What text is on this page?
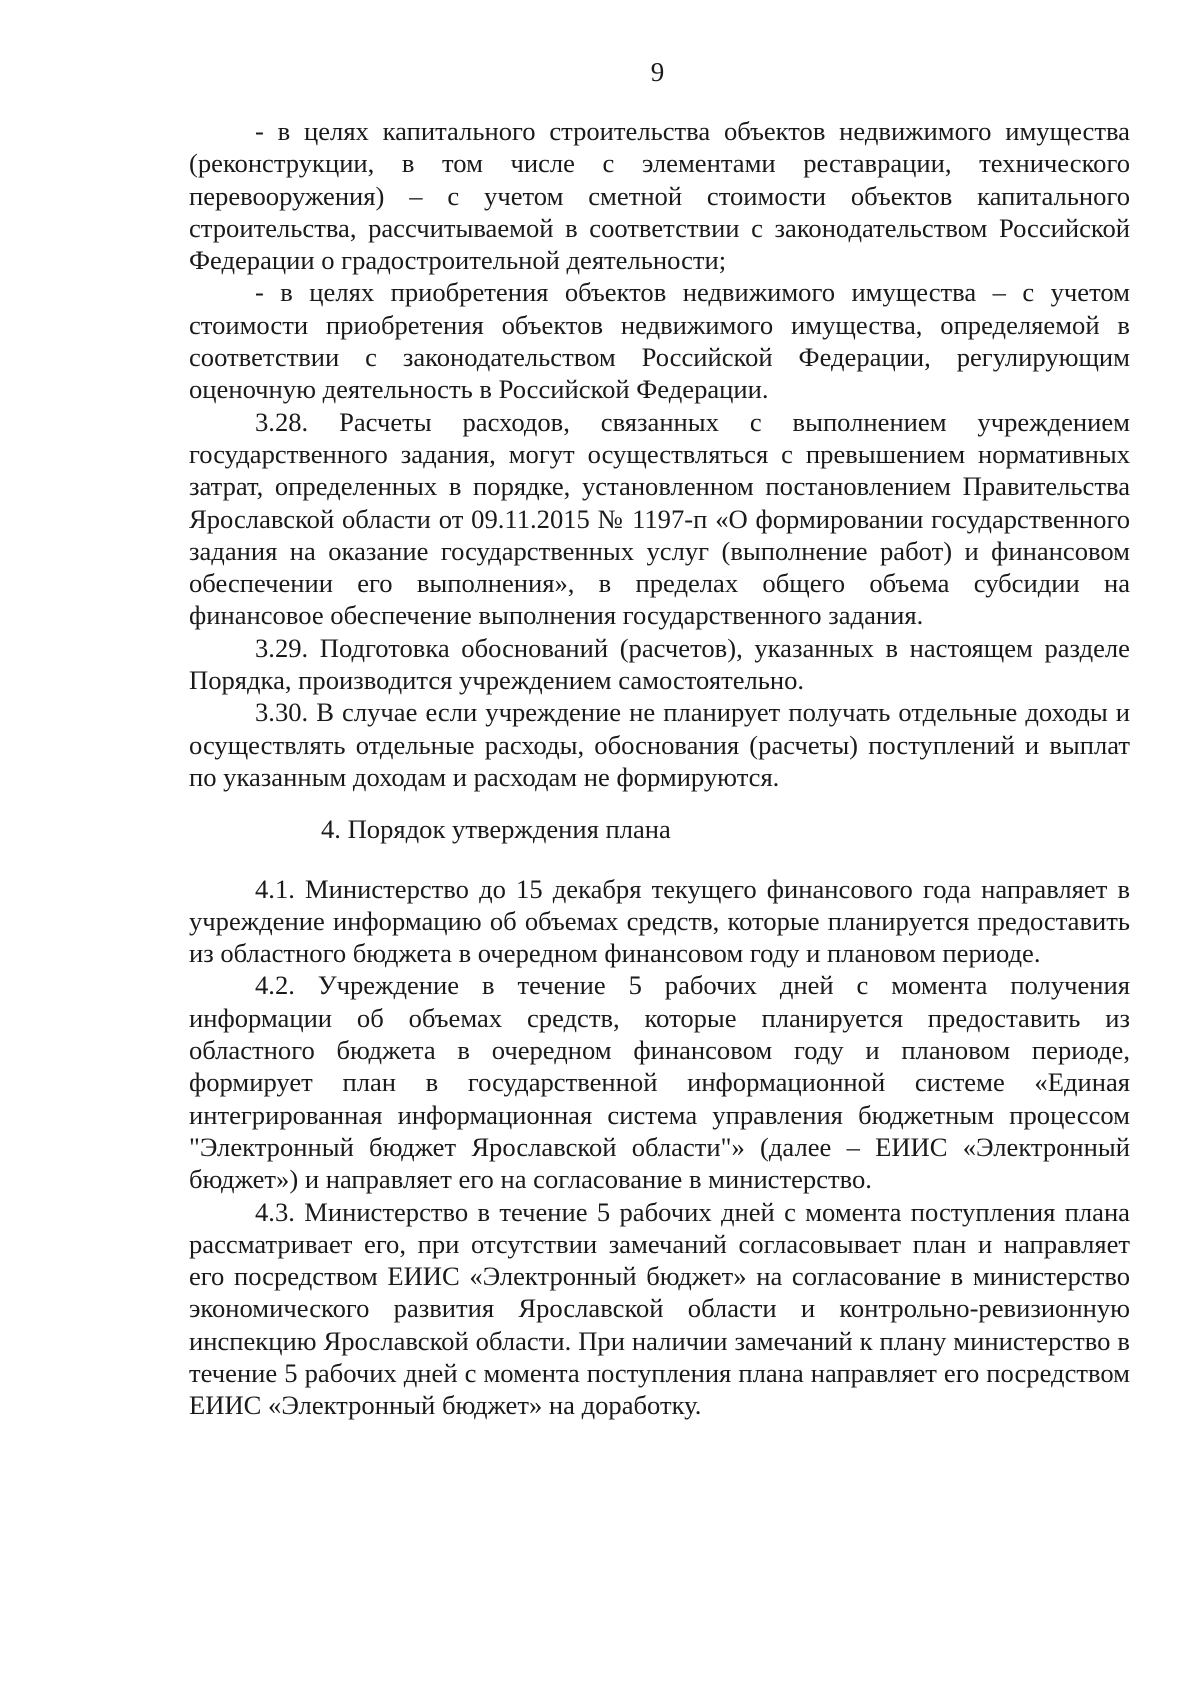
9

- в целях капитального строительства объектов недвижимого имущества (реконструкции, в том числе с элементами реставрации, технического перевооружения) – с учетом сметной стоимости объектов капитального строительства, рассчитываемой в соответствии с законодательством Российской Федерации о градостроительной деятельности;

- в целях приобретения объектов недвижимого имущества – с учетом стоимости приобретения объектов недвижимого имущества, определяемой в соответствии с законодательством Российской Федерации, регулирующим оценочную деятельность в Российской Федерации.

3.28. Расчеты расходов, связанных с выполнением учреждением государственного задания, могут осуществляться с превышением нормативных затрат, определенных в порядке, установленном постановлением Правительства Ярославской области от 09.11.2015 № 1197-п «О формировании государственного задания на оказание государственных услуг (выполнение работ) и финансовом обеспечении его выполнения», в пределах общего объема субсидии на финансовое обеспечение выполнения государственного задания.

3.29. Подготовка обоснований (расчетов), указанных в настоящем разделе Порядка, производится учреждением самостоятельно.

3.30. В случае если учреждение не планирует получать отдельные доходы и осуществлять отдельные расходы, обоснования (расчеты) поступлений и выплат по указанным доходам и расходам не формируются.

4. Порядок утверждения плана

4.1. Министерство до 15 декабря текущего финансового года направляет в учреждение информацию об объемах средств, которые планируется предоставить из областного бюджета в очередном финансовом году и плановом периоде.

4.2. Учреждение в течение 5 рабочих дней с момента получения информации об объемах средств, которые планируется предоставить из областного бюджета в очередном финансовом году и плановом периоде, формирует план в государственной информационной системе «Единая интегрированная информационная система управления бюджетным процессом "Электронный бюджет Ярославской области"» (далее – ЕИИС «Электронный бюджет») и направляет его на согласование в министерство.

4.3. Министерство в течение 5 рабочих дней с момента поступления плана рассматривает его, при отсутствии замечаний согласовывает план и направляет его посредством ЕИИС «Электронный бюджет» на согласование в министерство экономического развития Ярославской области и контрольно-ревизионную инспекцию Ярославской области. При наличии замечаний к плану министерство в течение 5 рабочих дней с момента поступления плана направляет его посредством ЕИИС «Электронный бюджет» на доработку.
